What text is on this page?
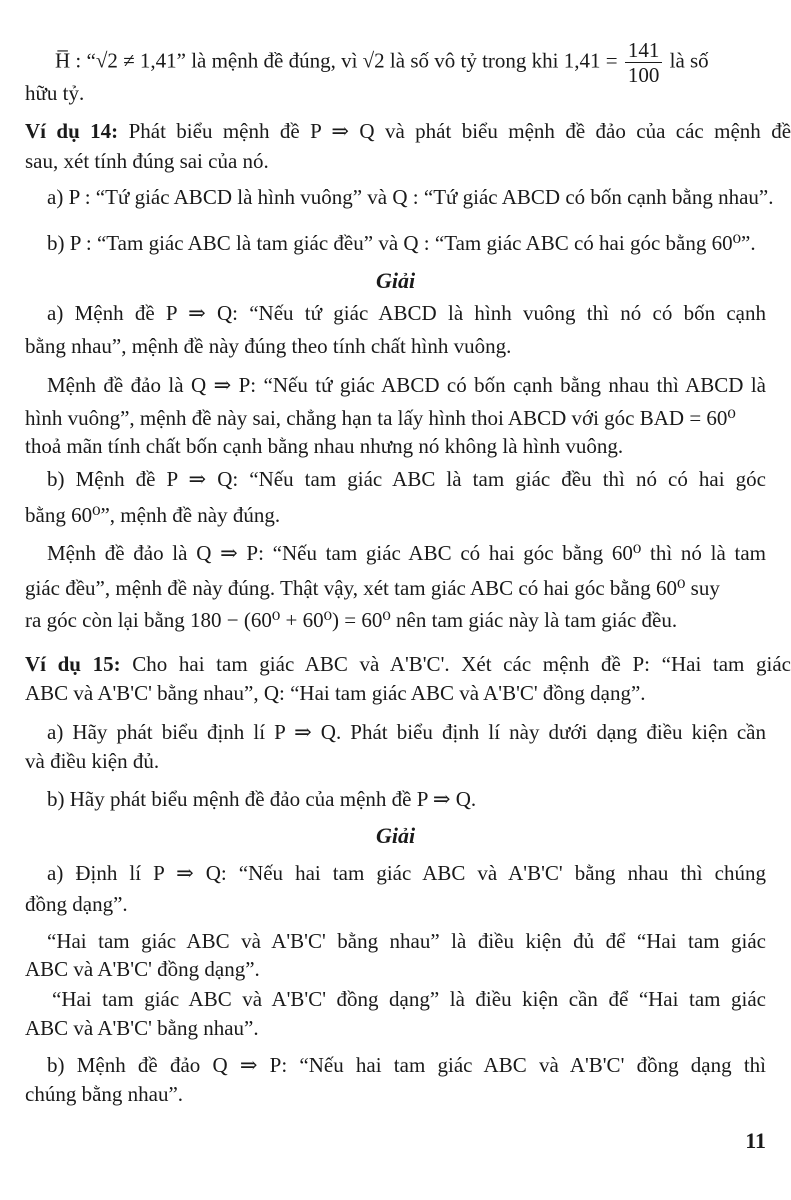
H̅ : “√2 ≠ 1,41” là mệnh đề đúng, vì √2 là số vô tỷ trong khi $1,41 = \frac{141}{100}$ là số
hữu tỷ.
Ví dụ 14: Phát biểu mệnh đề P ⇒ Q và phát biểu mệnh đề đảo của các mệnh đề
sau, xét tính đúng sai của nó.
a) P : “Tứ giác ABCD là hình vuông” và Q : “Tứ giác ABCD có bốn cạnh bằng nhau”.
b) P : “Tam giác ABC là tam giác đều” và Q : “Tam giác ABC có hai góc bằng 60⁰”.
Giải
a) Mệnh đề P ⇒ Q: “Nếu tứ giác ABCD là hình vuông thì nó có bốn cạnh
bằng nhau”, mệnh đề này đúng theo tính chất hình vuông.
Mệnh đề đảo là Q ⇒ P: “Nếu tứ giác ABCD có bốn cạnh bằng nhau thì ABCD là
hình vuông”, mệnh đề này sai, chẳng hạn ta lấy hình thoi ABCD với góc BAD = 60⁰
thoả mãn tính chất bốn cạnh bằng nhau nhưng nó không là hình vuông.
b) Mệnh đề P ⇒ Q: “Nếu tam giác ABC là tam giác đều thì nó có hai góc
bằng 60⁰”, mệnh đề này đúng.
Mệnh đề đảo là Q ⇒ P: “Nếu tam giác ABC có hai góc bằng 60⁰ thì nó là tam
giác đều”, mệnh đề này đúng. Thật vậy, xét tam giác ABC có hai góc bằng 60⁰ suy
ra góc còn lại bằng 180 − (60⁰ + 60⁰) = 60⁰ nên tam giác này là tam giác đều.
Ví dụ 15: Cho hai tam giác ABC và A'B'C'. Xét các mệnh đề P: “Hai tam giác
ABC và A'B'C' bằng nhau”, Q: “Hai tam giác ABC và A'B'C' đồng dạng”.
a) Hãy phát biểu định lí P ⇒ Q. Phát biểu định lí này dưới dạng điều kiện cần
và điều kiện đủ.
b) Hãy phát biểu mệnh đề đảo của mệnh đề P ⇒ Q.
Giải
a) Định lí P ⇒ Q: “Nếu hai tam giác ABC và A'B'C' bằng nhau thì chúng
đồng dạng”.
“Hai tam giác ABC và A'B'C' bằng nhau” là điều kiện đủ để “Hai tam giác
ABC và A'B'C' đồng dạng”.
“Hai tam giác ABC và A'B'C' đồng dạng” là điều kiện cần để “Hai tam giác
ABC và A'B'C' bằng nhau”.
b) Mệnh đề đảo Q ⇒ P: “Nếu hai tam giác ABC và A'B'C' đồng dạng thì
chúng bằng nhau”.
11
